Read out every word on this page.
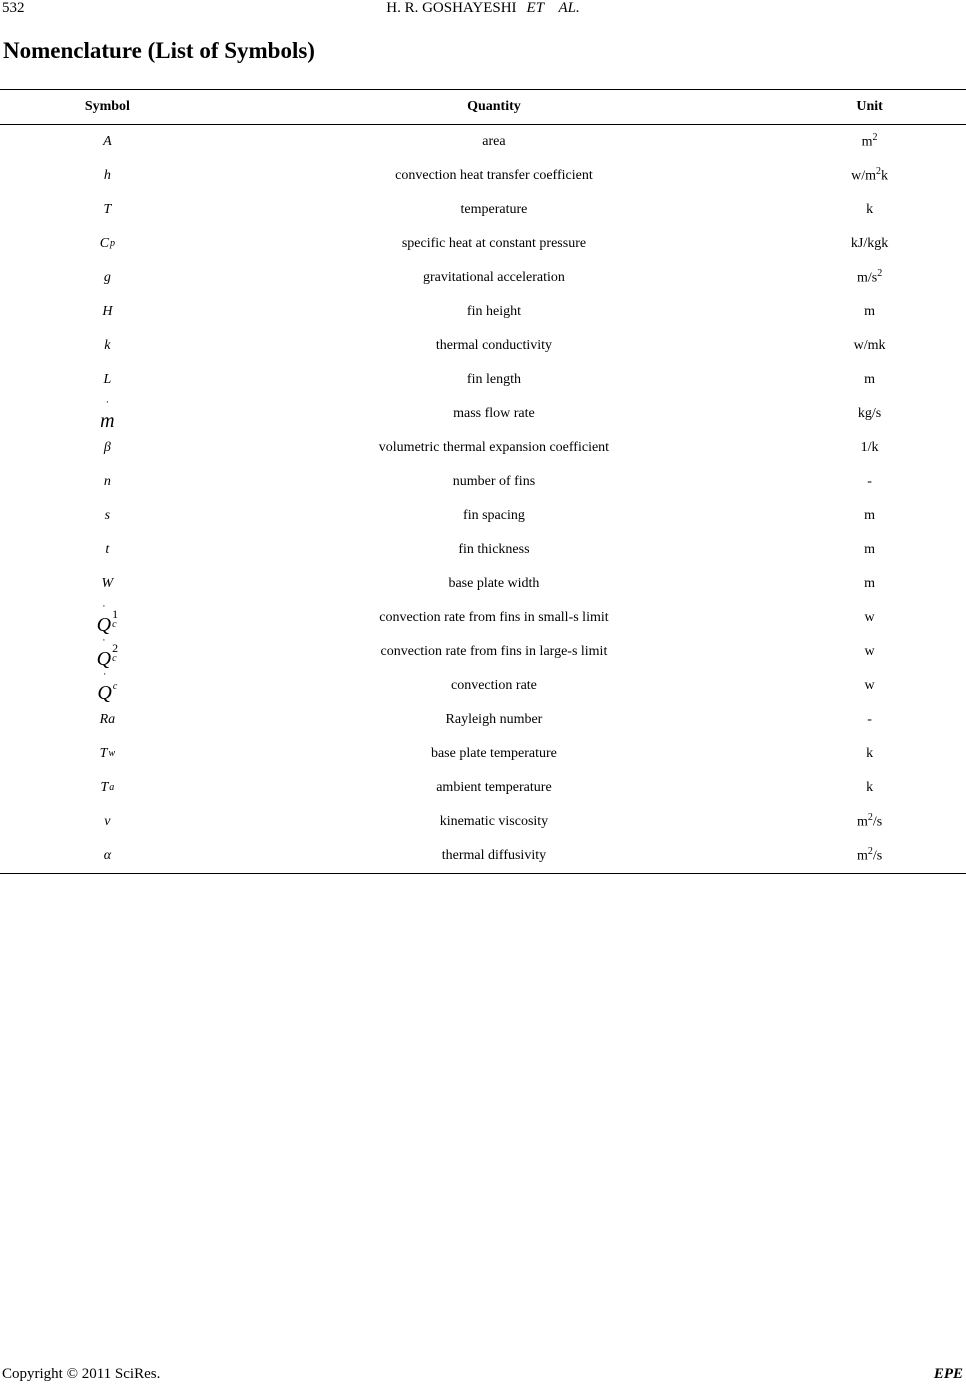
532	H. R. GOSHAYESHI ET    AL.
Nomenclature (List of Symbols)
Symbol	Quantity	Unit

A	area	$m^2$

h	convection heat transfer coefficient	$w/m^2k$

T	temperature	k

C p	specific heat at constant pressure	kJ/kgk

g	gravitational acceleration	$m/s^2$

H	fin height	m

k	thermal conductivity	w/mk

L	fin length	m

˙
m	mass flow rate	kg/s

β	volumetric thermal expansion coefficient	1/k

n	number of fins	-

s	fin spacing	m

t	fin thickness	m

W	base plate width	m

˙
Q 1
c	convection rate from fins in small-s limit	w

˙
Q 2
c	convection rate from fins in large-s limit	w

˙
Q c	convection rate	w

Ra	Rayleigh number	-

T w	base plate temperature	k

T a	ambient temperature	k

v	kinematic viscosity	$m^2/s$

α	thermal diffusivity	$m^2/s$
Copyright © 2011 SciRes.	EPE
